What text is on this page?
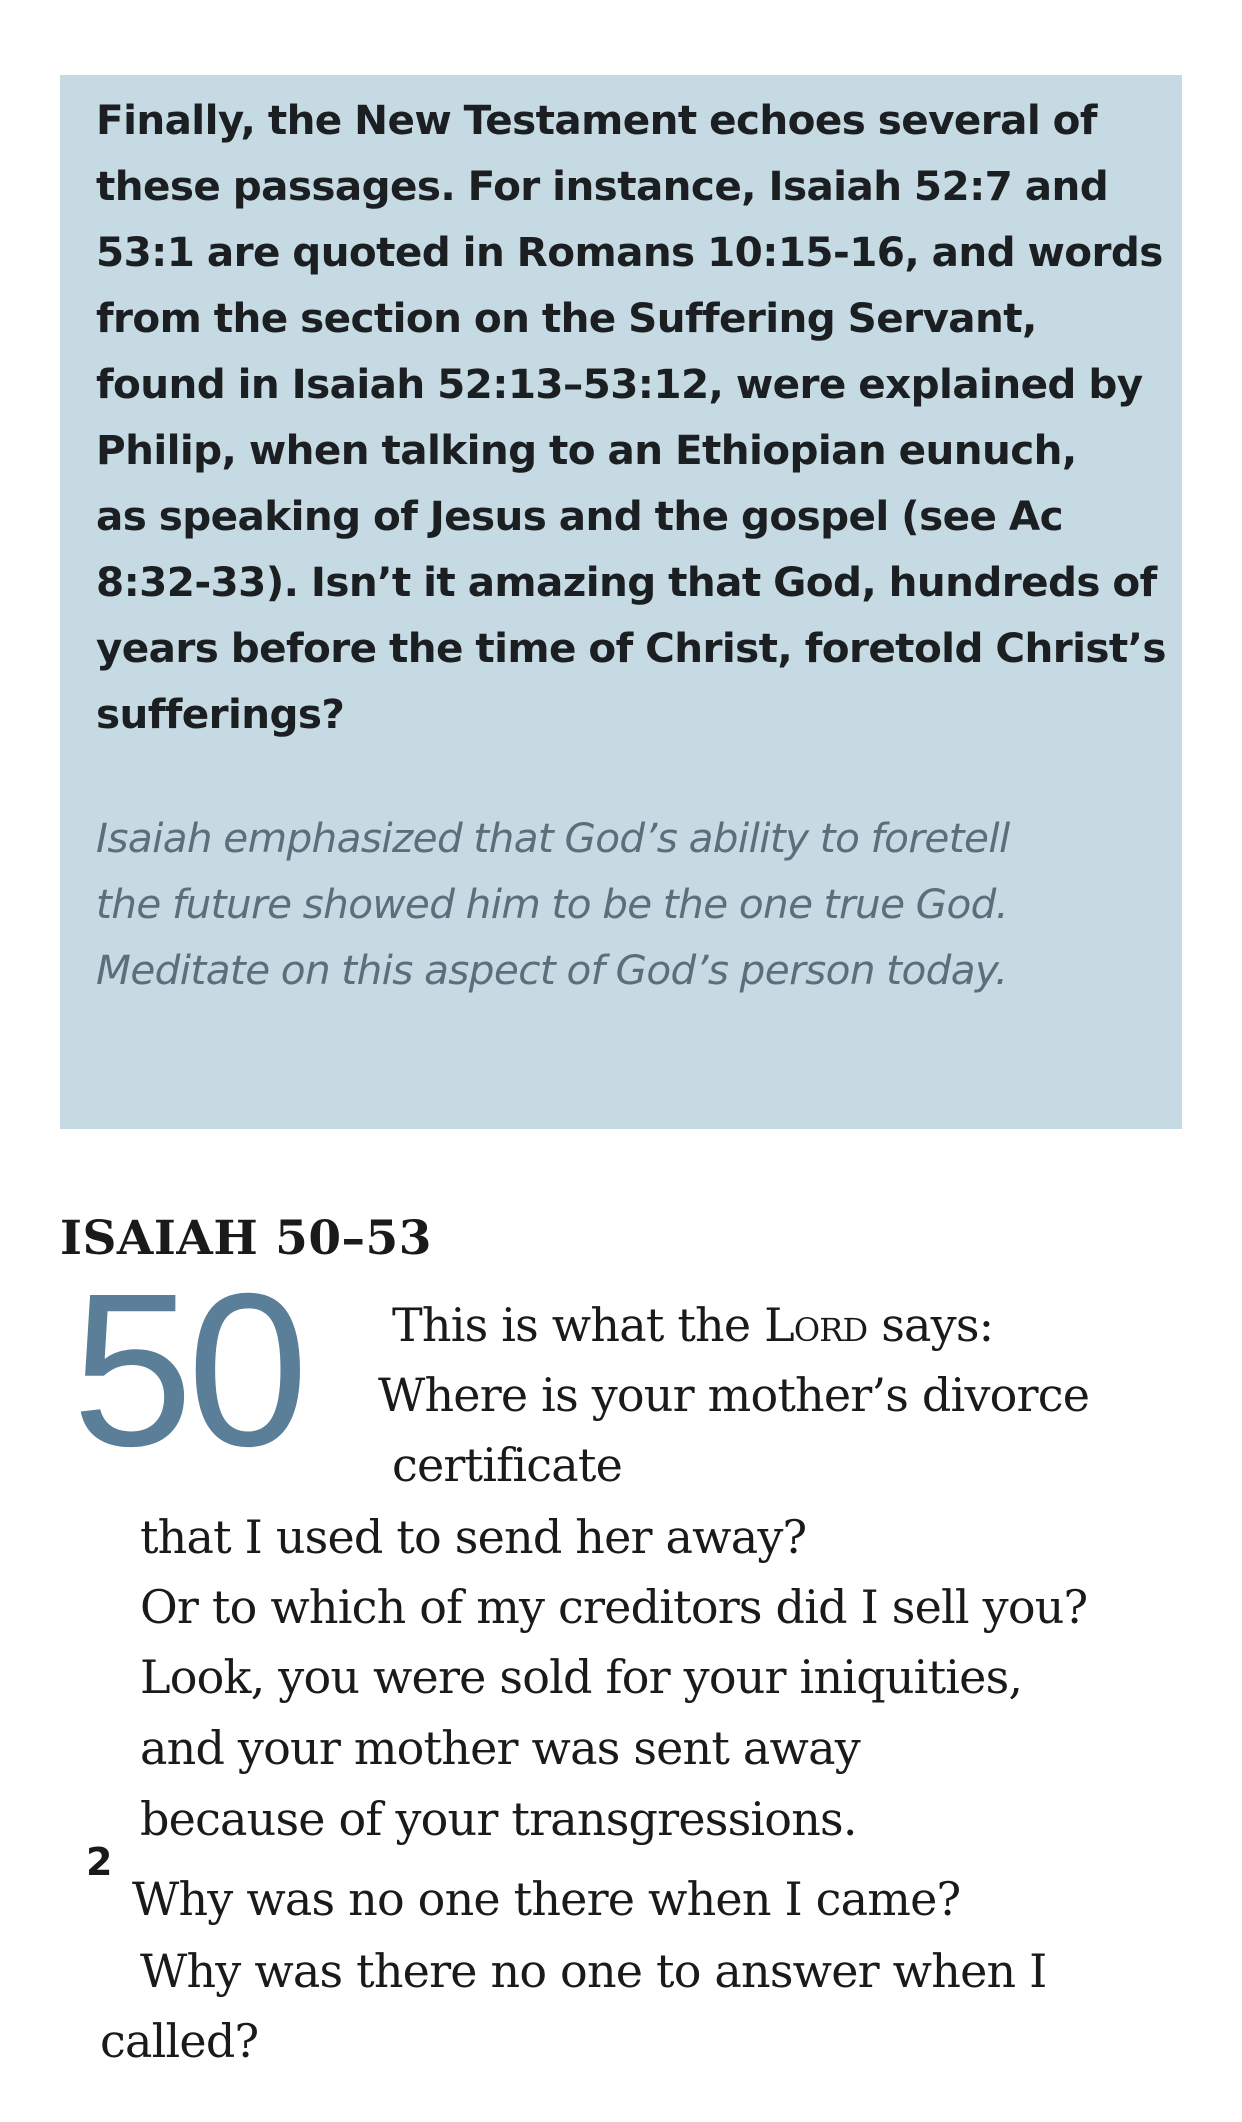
Finally, the New Testament echoes several of
these passages. For instance, Isaiah 52:7 and
53:1 are quoted in Romans 10:15-16, and words
from the section on the Suffering Servant,
found in Isaiah 52:13–53:12, were explained by
Philip, when talking to an Ethiopian eunuch,
as speaking of Jesus and the gospel (see Ac
8:32-33). Isn’t it amazing that God, hundreds of
years before the time of Christ, foretold Christ’s
sufferings?
Isaiah emphasized that God’s ability to foretell
the future showed him to be the one true God.
Meditate on this aspect of God’s person today.
ISAIAH 50–53
50 This is what the Lord says:

Where is your mother’s divorce

certificate

that I used to send her away?

Or to which of my creditors did I sell you?

Look, you were sold for your iniquities,

and your mother was sent away

because of your transgressions.

2

Why was no one there when I came?

Why was there no one to answer when I

called?
